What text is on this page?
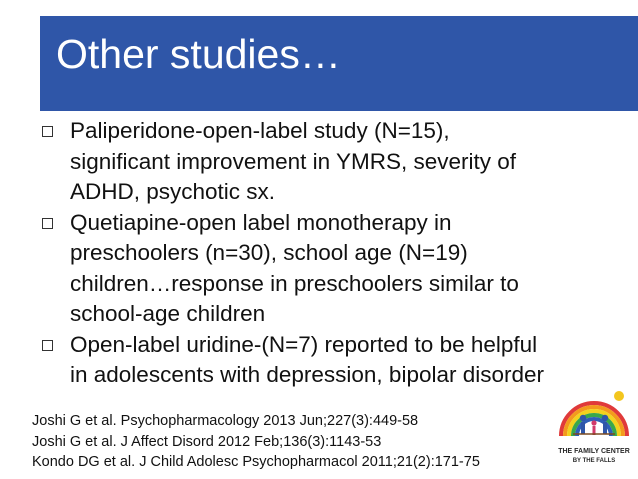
Other studies…
Paliperidone-open-label study (N=15),
significant improvement in YMRS, severity of
ADHD, psychotic sx.
Quetiapine-open label monotherapy in
preschoolers (n=30), school age (N=19)
children…response in preschoolers similar to
school-age children
Open-label uridine-(N=7) reported to be helpful
in adolescents with depression, bipolar disorder
Joshi G et al. Psychopharmacology 2013 Jun;227(3):449-58
Joshi G et al. J Affect Disord 2012 Feb;136(3):1143-53
Kondo DG et al. J Child Adolesc Psychopharmacol 2011;21(2):171-75
THE FAMILY CENTER
BY THE FALLS
